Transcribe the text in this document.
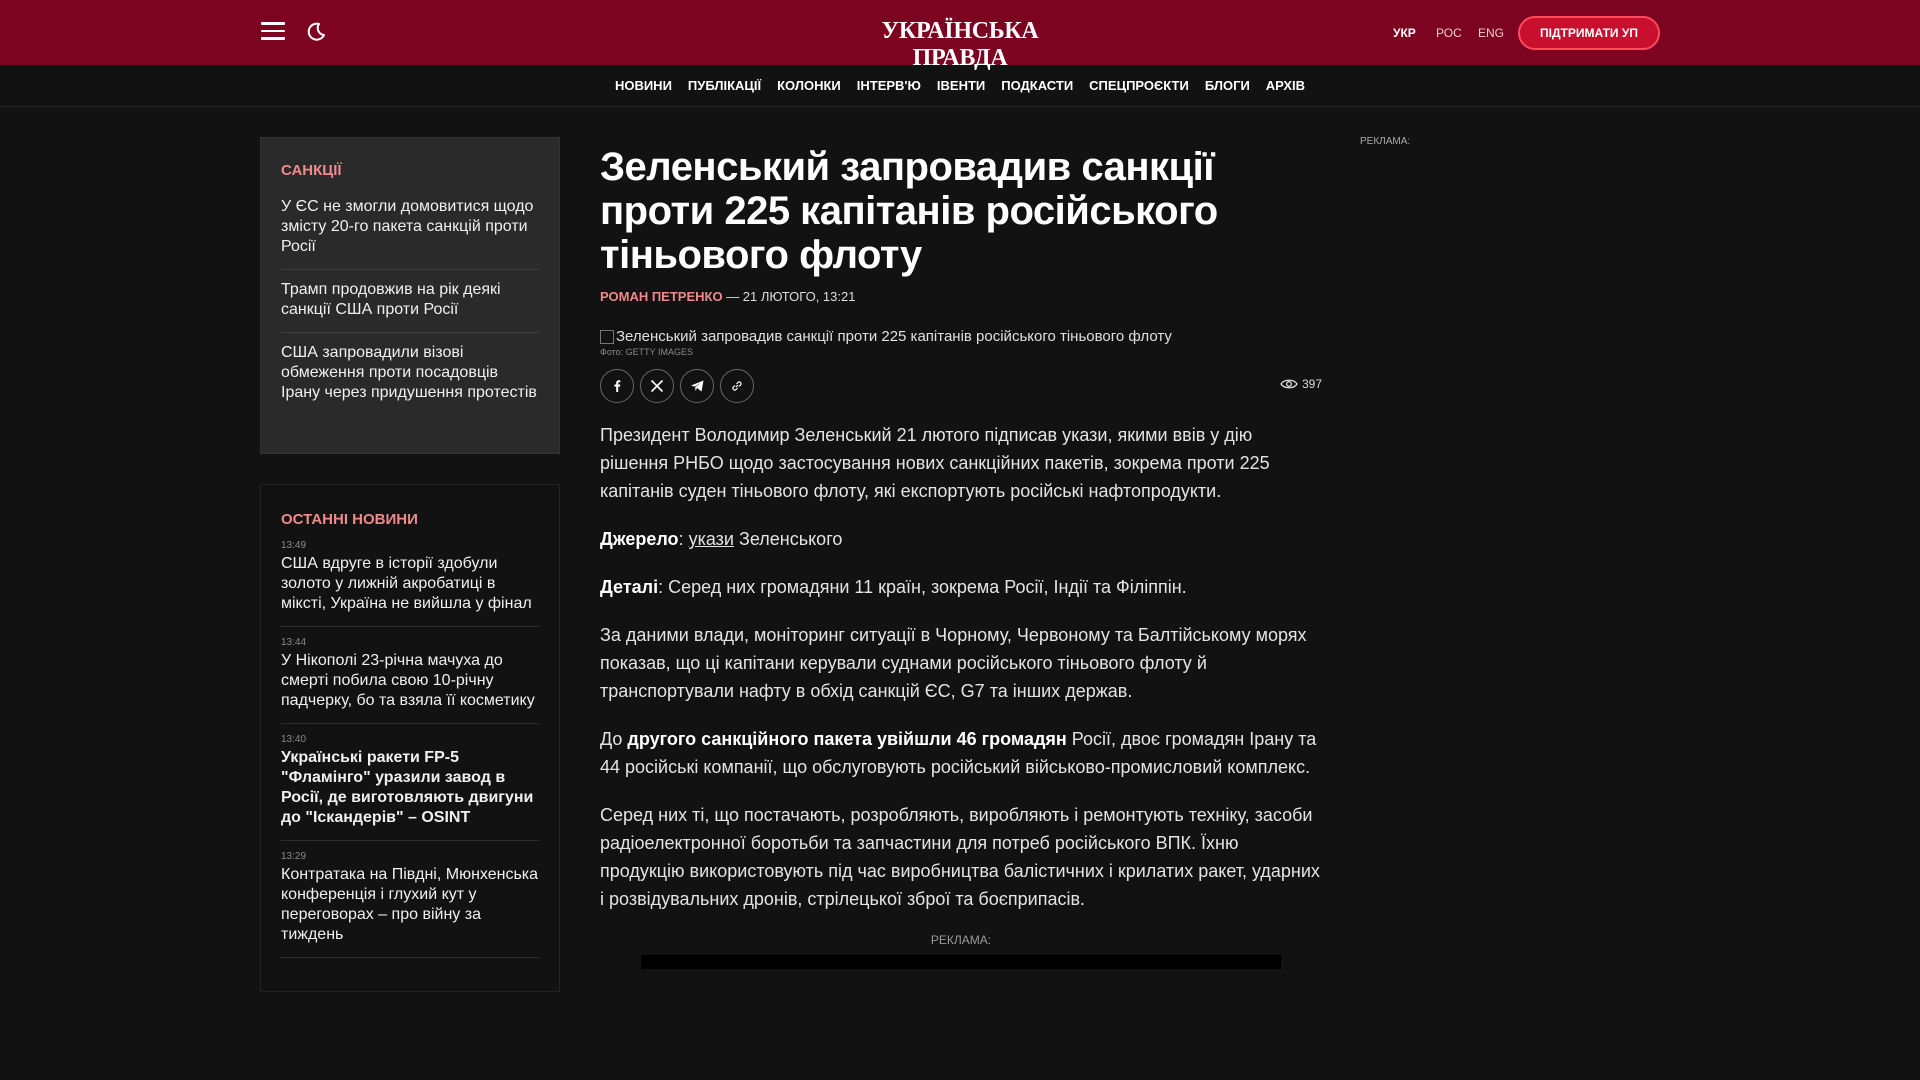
УКРАЇНСЬКА ПРАВДА
УКР РОС ENG	ПІДТРИМАТИ УП
НОВИНИ ПУБЛІКАЦІЇ КОЛОНКИ ІНТЕРВ'Ю ІВЕНТИ ПОДКАСТИ СПЕЦПРОЄКТИ БЛОГИ АРХІВ
САНКЦІЇ
У ЄС не змогли домовитися щодо змісту 20-го пакета санкцій проти Росії
Трамп продовжив на рік деякі санкції США проти Росії
США запровадили візові обмеження проти посадовців Ірану через придушення протестів
ОСТАННІ НОВИНИ
13:49
США вдруге в історії здобули золото у лижній акробатиці в міксті, Україна не вийшла у фінал
13:44
У Нікополі 23-річна мачуха до смерті побила свою 10-річну падчерку, бо та взяла її косметику
13:40
Українські ракети FP-5 "Фламінго" уразили завод в Росії, де виготовляють двигуни до "Іскандерів" – OSINT
13:29
Контратака на Півдні, Мюнхенська конференція і глухий кут у переговорах – про війну за тиждень
Зеленський запровадив санкції проти 225 капітанів російського тіньового флоту
РОМАН ПЕТРЕНКО — 21 ЛЮТОГО, 13:21
Зеленський запровадив санкції проти 225 капітанів російського тіньового флоту
Фото: GETTY IMAGES
397

Президент Володимир Зеленський 21 лютого підписав укази, якими ввів у дію рішення РНБО щодо застосування нових санкційних пакетів, зокрема проти 225 капітанів суден тіньового флоту, які експортують російські нафтопродукти.

Джерело: укази Зеленського

Деталі: Серед них громадяни 11 країн, зокрема Росії, Індії та Філіппін.

За даними влади, моніторинг ситуації в Чорному, Червоному та Балтійському морях показав, що ці капітани керували суднами російського тіньового флоту й транспортували нафту в обхід санкцій ЄС, G7 та інших держав.

До другого санкційного пакета увійшли 46 громадян Росії, двоє громадян Ірану та 44 російські компанії, що обслуговують російський військово-промисловий комплекс.

Серед них ті, що постачають, розробляють, виробляють і ремонтують техніку, засоби радіоелектронної боротьби та запчастини для потреб російського ВПК. Їхню продукцію використовують під час виробництва балістичних і крилатих ракет, ударних і розвідувальних дронів, стрілецької зброї та боєприпасів.

РЕКЛАМА:
РЕКЛАМА:
